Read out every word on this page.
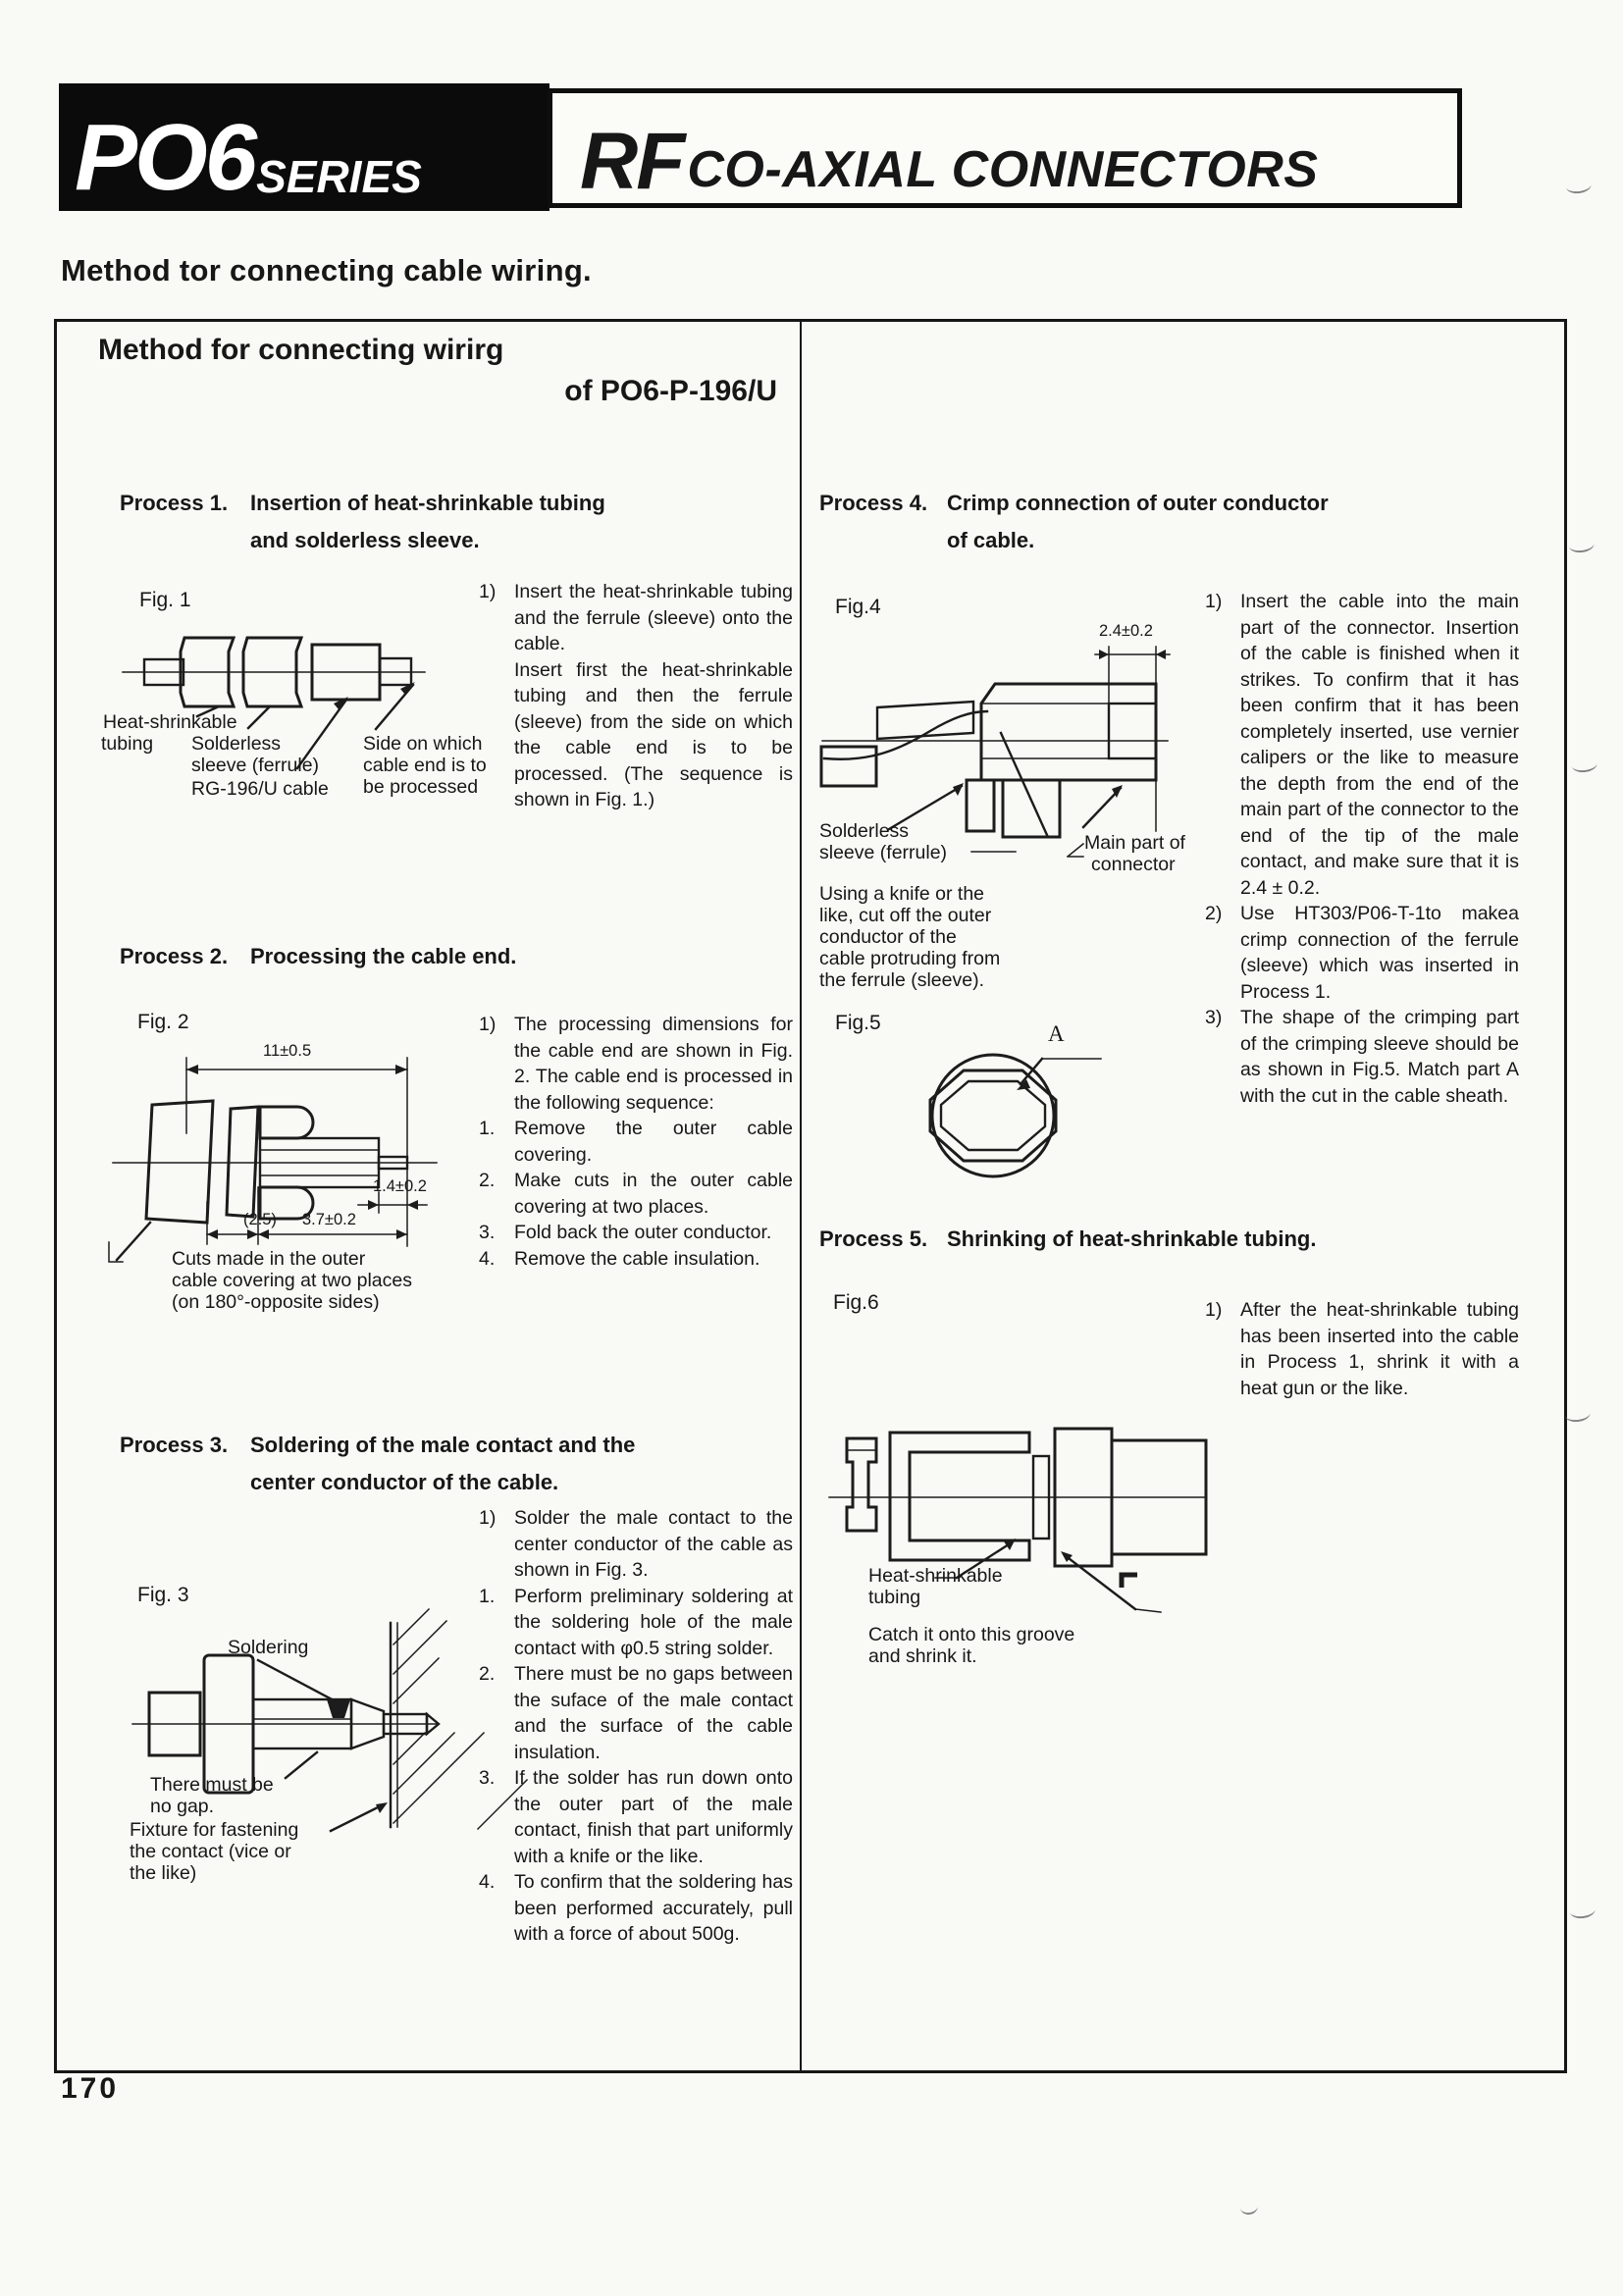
PO6 SERIES RF CO-AXIAL CONNECTORS
Method tor connecting cable wiring.
Method for connecting wirirg
of PO6-P-196/U
Process 1. Insertion of heat-shrinkable tubing
and solderless sleeve.
Fig. 1
Heat-shrinkable
tubing Solderless
sleeve (ferrule)
RG-196/U cable
Side on which
cable end is to
be processed
1) Insert the heat-shrinkable tubing and the ferrule (sleeve) onto the cable.
Insert first the heat-shrinkable tubing and then the ferrule (sleeve) from the side on which the cable end is to be processed. (The sequence is shown in Fig. 1.)
Process 2. Processing the cable end.
Fig. 2
11±0.5
1.4±0.2
(2.5) 3.7±0.2
Cuts made in the outer
cable covering at two places
(on 180°-opposite sides)
1) The processing dimensions for the cable end are shown in Fig. 2. The cable end is processed in the following sequence:
1.	Remove the outer cable covering.
2.	Make cuts in the outer cable covering at two places.
3.	Fold back the outer conductor.
4.	Remove the cable insulation.
Process 3. Soldering of the male contact and the
center conductor of the cable.
Fig. 3
Soldering
There must be
no gap.
Fixture for fastening
the contact (vice or
the like)
1) Solder the male contact to the center conductor of the cable as shown in Fig. 3.
1.	Perform preliminary soldering at the soldering hole of the male contact with φ0.5 string solder.
2.	There must be no gaps between the suface of the male contact and the surface of the cable insulation.
3.	If the solder has run down onto the outer part of the male contact, finish that part uniformly with a knife or the like.
4.	To confirm that the soldering has been performed accurately, pull with a force of about 500g.
Process 4. Crimp connection of outer conductor
of cable.
Fig.4
2.4±0.2
Solderless
sleeve (ferrule)	Main part of
connector
Using a knife or the
like, cut off the outer
conductor of the
cable protruding from
the ferrule (sleeve).
1) Insert the cable into the main part of the connector. Insertion of the cable is finished when it strikes. To confirm that it has been confirm that it has been completely inserted, use vernier calipers or the like to measure the depth from the end of the main part of the connector to the end of the tip of the male contact, and make sure that it is 2.4 ± 0.2.
2) Use HT303/P06-T-1to makea crimp connection of the ferrule (sleeve) which was inserted in Process 1.
3) The shape of the crimping part of the crimping sleeve should be as shown in Fig.5. Match part A with the cut in the cable sheath.
Fig.5	A
Process 5. Shrinking of heat-shrinkable tubing.
Fig.6	1) After the heat-shrinkable tubing has been inserted into the cable in Process 1, shrink it with a heat gun or the like.
Heat-shrinkable
tubing
Catch it onto this groove
and shrink it.
170
